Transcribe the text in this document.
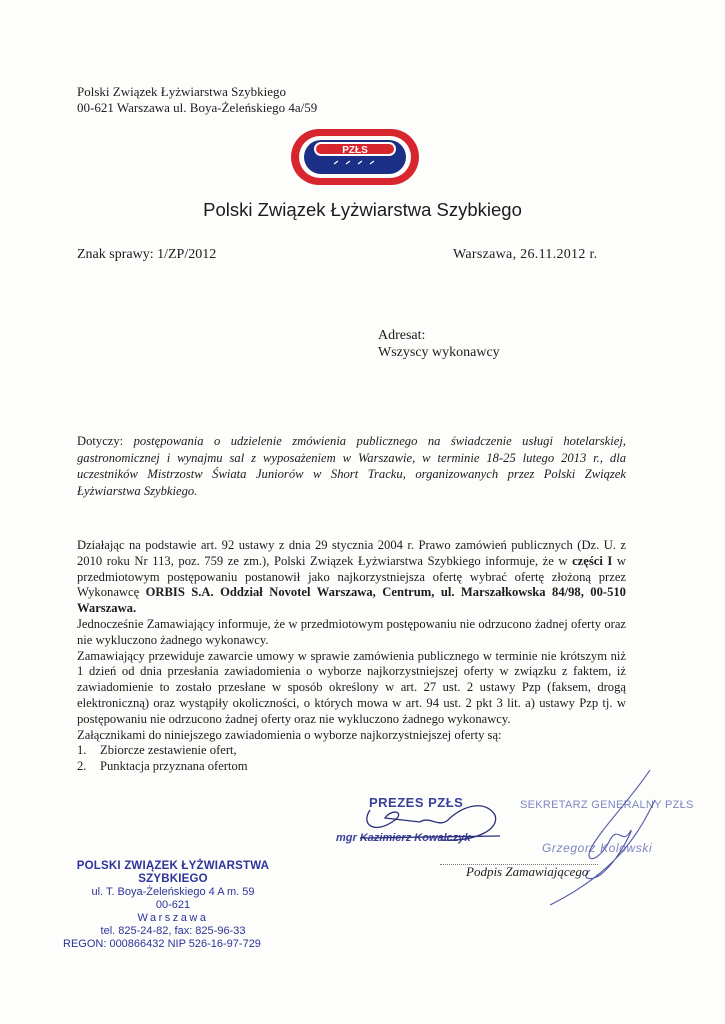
Polski Związek Łyżwiarstwa Szybkiego
00-621 Warszawa ul. Boya-Żeleńskiego 4a/59
PZŁS
Polski Związek Łyżwiarstwa Szybkiego
Znak sprawy: 1/ZP/2012	Warszawa, 26.11.2012 r.
Adresat:
Wszyscy wykonawcy
Dotyczy: postępowania o udzielenie zmówienia publicznego na świadczenie usługi hotelarskiej, gastronomicznej i wynajmu sal z wyposażeniem w Warszawie, w terminie 18-25 lutego 2013 r., dla uczestników Mistrzostw Świata Juniorów w Short Tracku, organizowanych przez Polski Związek Łyżwiarstwa Szybkiego.

Działając na podstawie art. 92 ustawy z dnia 29 stycznia 2004 r. Prawo zamówień publicznych (Dz. U. z 2010 roku Nr 113, poz. 759 ze zm.), Polski Związek Łyżwiarstwa Szybkiego informuje, że w części I w przedmiotowym postępowaniu postanowił jako najkorzystniejsza ofertę wybrać ofertę złożoną przez Wykonawcę ORBIS S.A. Oddział Novotel Warszawa, Centrum, ul. Marszałkowska 84/98, 00-510 Warszawa.

Jednocześnie Zamawiający informuje, że w przedmiotowym postępowaniu nie odrzucono żadnej oferty oraz nie wykluczono żadnego wykonawcy.

Zamawiający przewiduje zawarcie umowy w sprawie zamówienia publicznego w terminie nie krótszym niż 1 dzień od dnia przesłania zawiadomienia o wyborze najkorzystniejszej oferty w związku z faktem, iż zawiadomienie to zostało przesłane w sposób określony w art. 27 ust. 2 ustawy Pzp (faksem, drogą elektroniczną) oraz wystąpiły okoliczności, o których mowa w art. 94 ust. 2 pkt 3 lit. a) ustawy Pzp tj. w postępowaniu nie odrzucono żadnej oferty oraz nie wykluczono żadnego wykonawcy.

Załącznikami do niniejszego zawiadomienia o wyborze najkorzystniejszej oferty są:

1. Zbiorcze zestawienie ofert,
2. Punktacja przyznana ofertom
PREZES PZŁS
mgr Kazimierz Kowalczyk
SEKRETARZ GENERALNY PZŁS
Grzegorz Kolowski
Podpis Zamawiającego
POLSKI ZWIĄZEK ŁYŻWIARSTWA SZYBKIEGO
ul. T. Boya-Żeleńskiego 4 A m. 59
00-621
Warszawa
tel. 825-24-82, fax: 825-96-33
REGON: 000866432 NIP 526-16-97-729
